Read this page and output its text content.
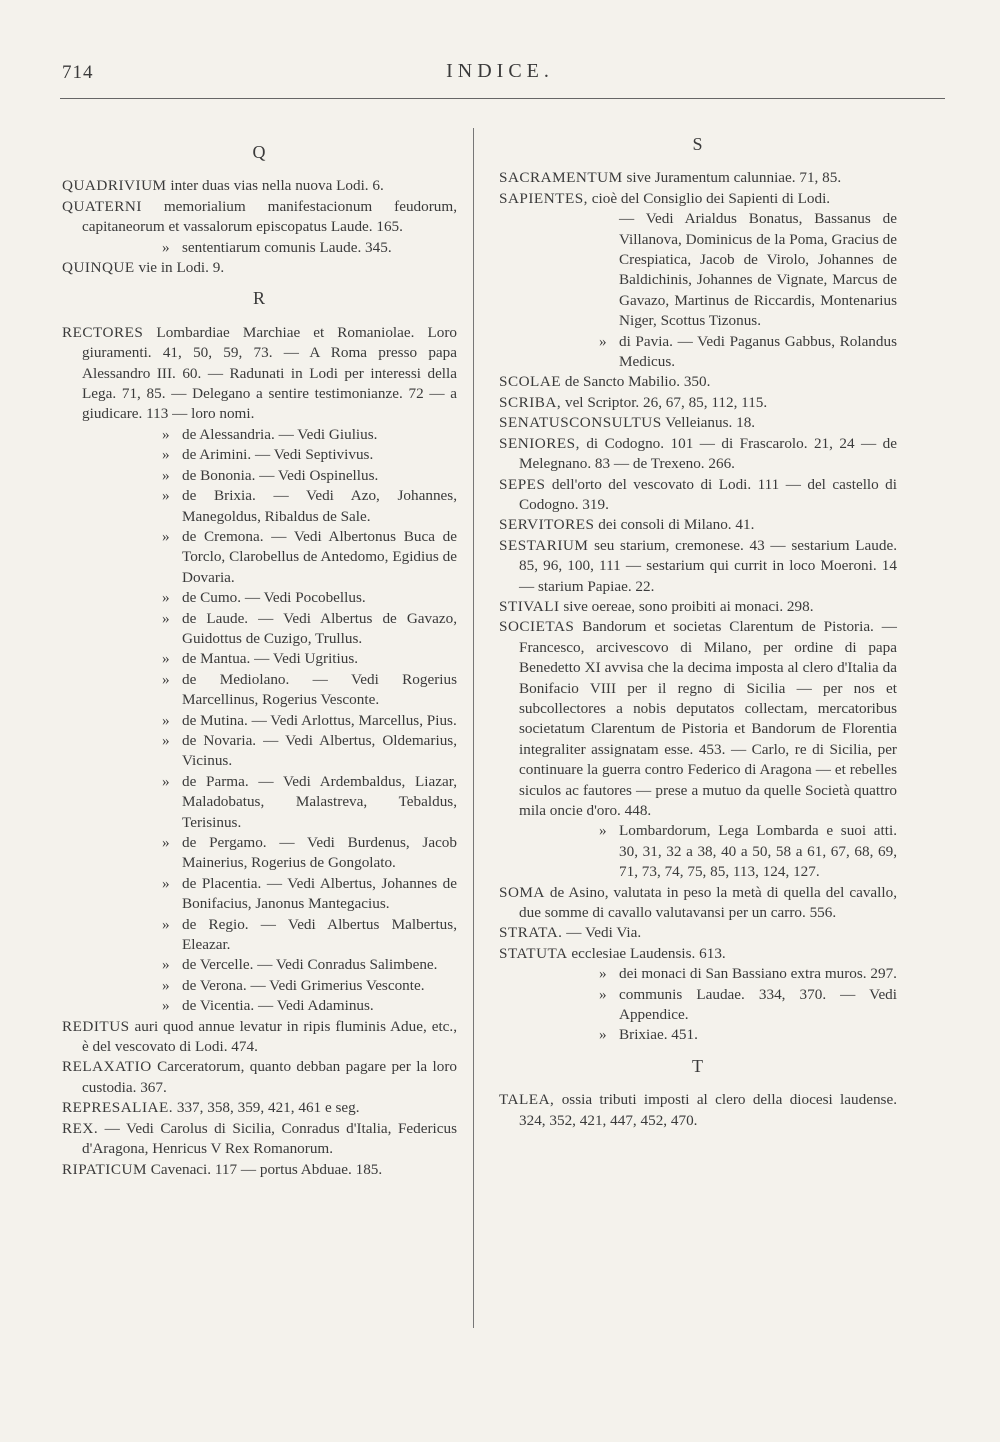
714	INDICE.
Q
QUADRIVIUM inter duas vias nella nuova Lodi. 6.
QUATERNI memorialium manifestacionum feudorum, capitaneorum et vassalorum episcopatus Laude. 165.
» sententiarum comunis Laude. 345.
QUINQUE vie in Lodi. 9.
R
RECTORES Lombardiae Marchiae et Romaniolae. Loro giuramenti. 41, 50, 59, 73. — A Roma presso papa Alessandro III. 60. — Radunati in Lodi per interessi della Lega. 71, 85. — Delegano a sentire testimonianze. 72 — a giudicare. 113 — loro nomi.
» de Alessandria. — Vedi Giulius.
» de Arimini. — Vedi Septivivus.
» de Bononia. — Vedi Ospinellus.
» de Brixia. — Vedi Azo, Johannes, Manegoldus, Ribaldus de Sale.
» de Cremona. — Vedi Albertonus Buca de Torclo, Clarobellus de Antedomo, Egidius de Dovaria.
» de Cumo. — Vedi Pocobellus.
» de Laude. — Vedi Albertus de Gavazo, Guidottus de Cuzigo, Trullus.
» de Mantua. — Vedi Ugritius.
» de Mediolano. — Vedi Rogerius Marcellinus, Rogerius Vesconte.
» de Mutina. — Vedi Arlottus, Marcellus, Pius.
» de Novaria. — Vedi Albertus, Oldemarius, Vicinus.
» de Parma. — Vedi Ardembaldus, Liazar, Maladobatus, Malastreva, Tebaldus, Terisinus.
» de Pergamo. — Vedi Burdenus, Jacob Mainerius, Rogerius de Gongolato.
» de Placentia. — Vedi Albertus, Johannes de Bonifacius, Janonus Mantegacius.
» de Regio. — Vedi Albertus Malbertus, Eleazar.
» de Vercelle. — Vedi Conradus Salimbene.
» de Verona. — Vedi Grimerius Vesconte.
» de Vicentia. — Vedi Adaminus.
REDITUS auri quod annue levatur in ripis fluminis Adue, etc., è del vescovato di Lodi. 474.
RELAXATIO Carceratorum, quanto debban pagare per la loro custodia. 367.
REPRESALIAE. 337, 358, 359, 421, 461 e seg.
REX. — Vedi Carolus di Sicilia, Conradus d'Italia, Federicus d'Aragona, Henricus V Rex Romanorum.
RIPATICUM Cavenaci. 117 — portus Abduae. 185.
S
SACRAMENTUM sive Juramentum calunniae. 71, 85.
SAPIENTES, cioè del Consiglio dei Sapienti di Lodi.
— Vedi Arialdus Bonatus, Bassanus de Villanova, Dominicus de la Poma, Gracius de Crespiatica, Jacob de Virolo, Johannes de Baldichinis, Johannes de Vignate, Marcus de Gavazo, Martinus de Riccardis, Montenarius Niger, Scottus Tizonus.
» di Pavia. — Vedi Paganus Gabbus, Rolandus Medicus.
SCOLAE de Sancto Mabilio. 350.
SCRIBA, vel Scriptor. 26, 67, 85, 112, 115.
SENATUSCONSULTUS Velleianus. 18.
SENIORES, di Codogno. 101 — di Frascarolo. 21, 24 — de Melegnano. 83 — de Trexeno. 266.
SEPES dell'orto del vescovato di Lodi. 111 — del castello di Codogno. 319.
SERVITORES dei consoli di Milano. 41.
SESTARIUM seu starium, cremonese. 43 — sestarium Laude. 85, 96, 100, 111 — sestarium qui currit in loco Moeroni. 14 — starium Papiae. 22.
STIVALI sive oereae, sono proibiti ai monaci. 298.
SOCIETAS Bandorum et societas Clarentum de Pistoria. — Francesco, arcivescovo di Milano, per ordine di papa Benedetto XI avvisa che la decima imposta al clero d'Italia da Bonifacio VIII per il regno di Sicilia — per nos et subcollectores a nobis deputatos collectam, mercatoribus societatum Clarentum de Pistoria et Bandorum de Florentia integraliter assignatam esse. 453. — Carlo, re di Sicilia, per continuare la guerra contro Federico di Aragona — et rebelles siculos ac fautores — prese a mutuo da quelle Società quattro mila oncie d'oro. 448.
» Lombardorum, Lega Lombarda e suoi atti. 30, 31, 32 a 38, 40 a 50, 58 a 61, 67, 68, 69, 71, 73, 74, 75, 85, 113, 124, 127.
SOMA de Asino, valutata in peso la metà di quella del cavallo, due somme di cavallo valutavansi per un carro. 556.
STRATA. — Vedi Via.
STATUTA ecclesiae Laudensis. 613.
» dei monaci di San Bassiano extra muros. 297.
» communis Laudae. 334, 370. — Vedi Appendice.
» Brixiae. 451.
T
TALEA, ossia tributi imposti al clero della diocesi laudense. 324, 352, 421, 447, 452, 470.
